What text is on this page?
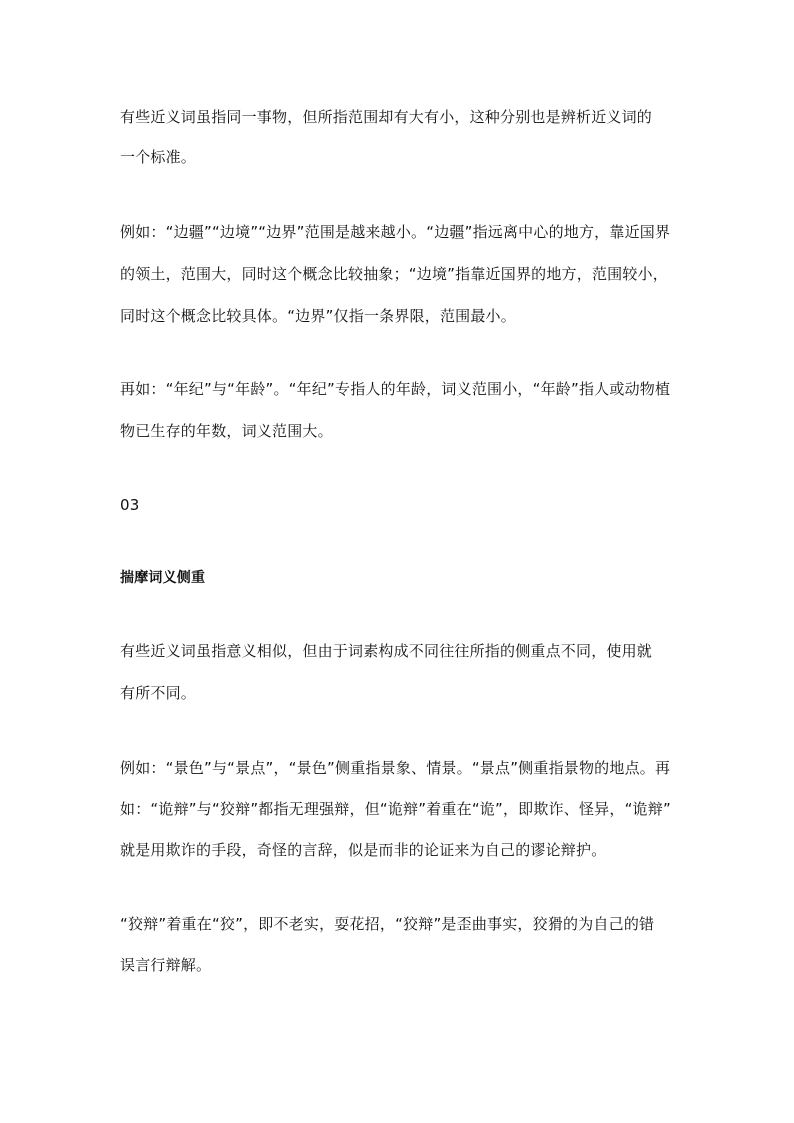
有些近义词虽指同一事物，但所指范围却有大有小，这种分别也是辨析近义词的
一个标准。
例如：“边疆”“边境”“边界”范围是越来越小。“边疆”指远离中心的地方，靠近国界
的领土，范围大，同时这个概念比较抽象；“边境”指靠近国界的地方，范围较小，
同时这个概念比较具体。“边界”仅指一条界限，范围最小。
再如：“年纪”与“年龄”。“年纪”专指人的年龄，词义范围小，“年龄”指人或动物植
物已生存的年数，词义范围大。
03
揣摩词义侧重
有些近义词虽指意义相似，但由于词素构成不同往往所指的侧重点不同，使用就
有所不同。
例如：“景色”与“景点”，“景色”侧重指景象、情景。“景点”侧重指景物的地点。再
如：“诡辩”与“狡辩”都指无理强辩，但“诡辩”着重在“诡”，即欺诈、怪异，“诡辩”
就是用欺诈的手段，奇怪的言辞，似是而非的论证来为自己的谬论辩护。
“狡辩”着重在“狡”，即不老实，耍花招，“狡辩”是歪曲事实，狡猾的为自己的错
误言行辩解。
